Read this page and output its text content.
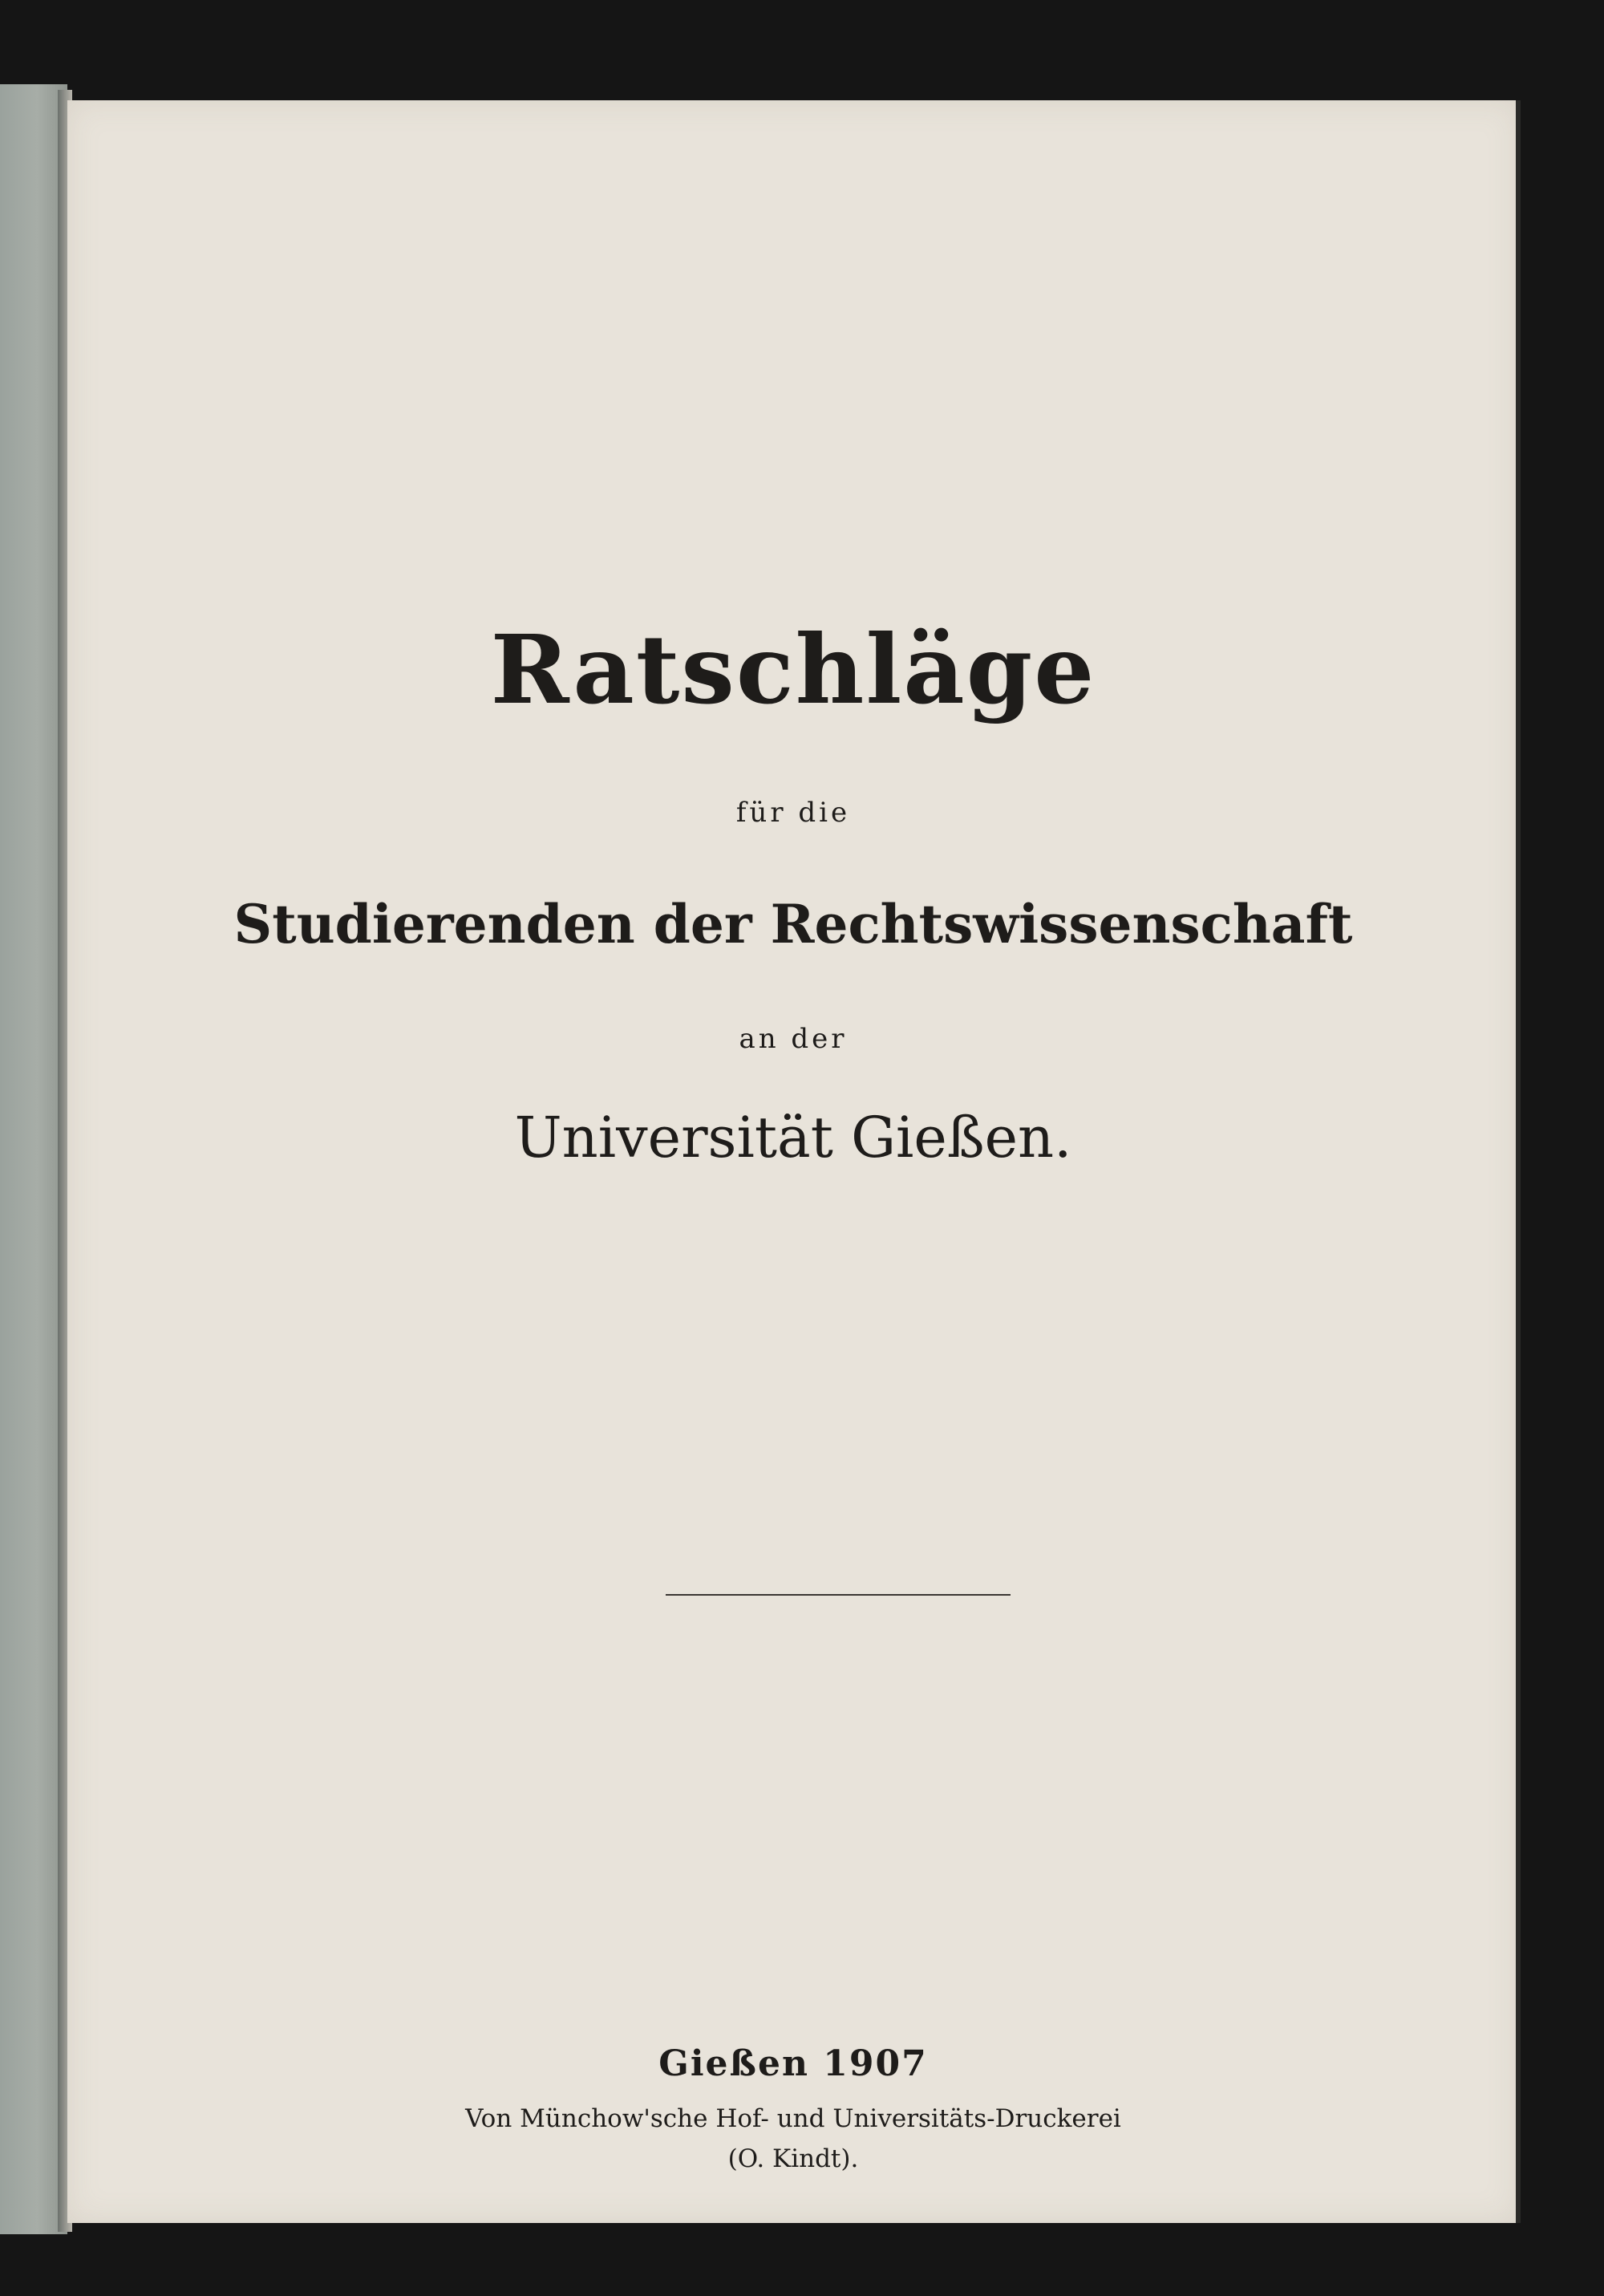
Ratschläge
für die
Studierenden der Rechtswissenschaft
an der
Universität Gießen.
Gießen 1907
Von Münchow'sche Hof- und Universitäts-Druckerei
(O. Kindt).
